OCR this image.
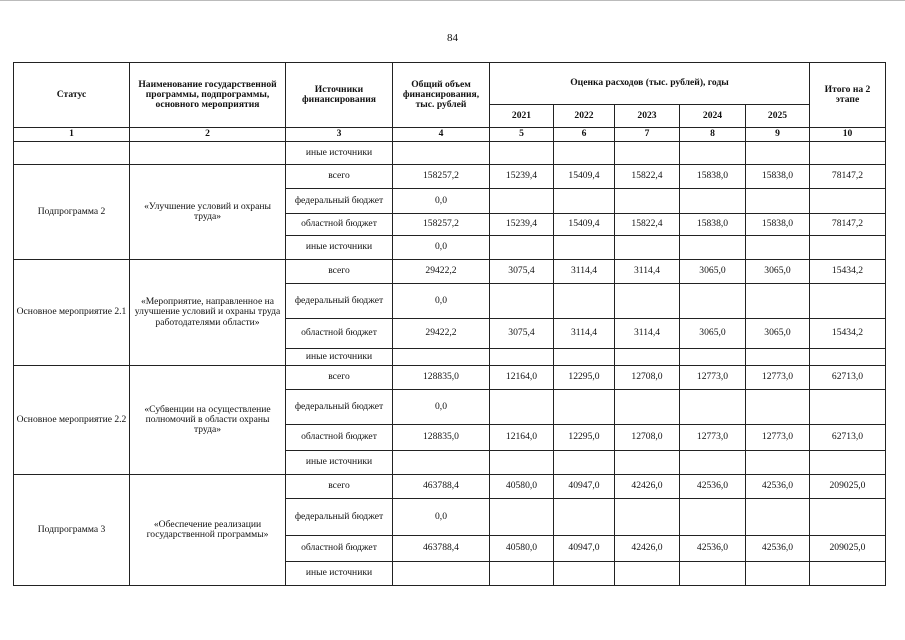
84
Статус	Наименование государственной программы, подпрограммы, основного мероприятия	Источники финансирования	Общий объем финансирования, тыс. рублей	Оценка расходов (тыс. рублей), годы					Итого на 2 этапе
				2021	2022	2023	2024	2025	
1	2	3	4	5	6	7	8	9	10
		иные источники							
Подпрограмма 2	«Улучшение условий и охраны труда»	всего	158257,2	15239,4	15409,4	15822,4	15838,0	15838,0	78147,2
		федеральный бюджет	0,0						
		областной бюджет	158257,2	15239,4	15409,4	15822,4	15838,0	15838,0	78147,2
		иные источники	0,0						
Основное мероприятие 2.1	«Мероприятие, направленное на улучшение условий и охраны труда работодателями области»	всего	29422,2	3075,4	3114,4	3114,4	3065,0	3065,0	15434,2
		федеральный бюджет	0,0						
		областной бюджет	29422,2	3075,4	3114,4	3114,4	3065,0	3065,0	15434,2
		иные источники							
Основное мероприятие 2.2	«Субвенции на осуществление полномочий в области охраны труда»	всего	128835,0	12164,0	12295,0	12708,0	12773,0	12773,0	62713,0
		федеральный бюджет	0,0						
		областной бюджет	128835,0	12164,0	12295,0	12708,0	12773,0	12773,0	62713,0
		иные источники							
Подпрограмма 3	«Обеспечение реализации государственной программы»	всего	463788,4	40580,0	40947,0	42426,0	42536,0	42536,0	209025,0
		федеральный бюджет	0,0						
		областной бюджет	463788,4	40580,0	40947,0	42426,0	42536,0	42536,0	209025,0
		иные источники							
